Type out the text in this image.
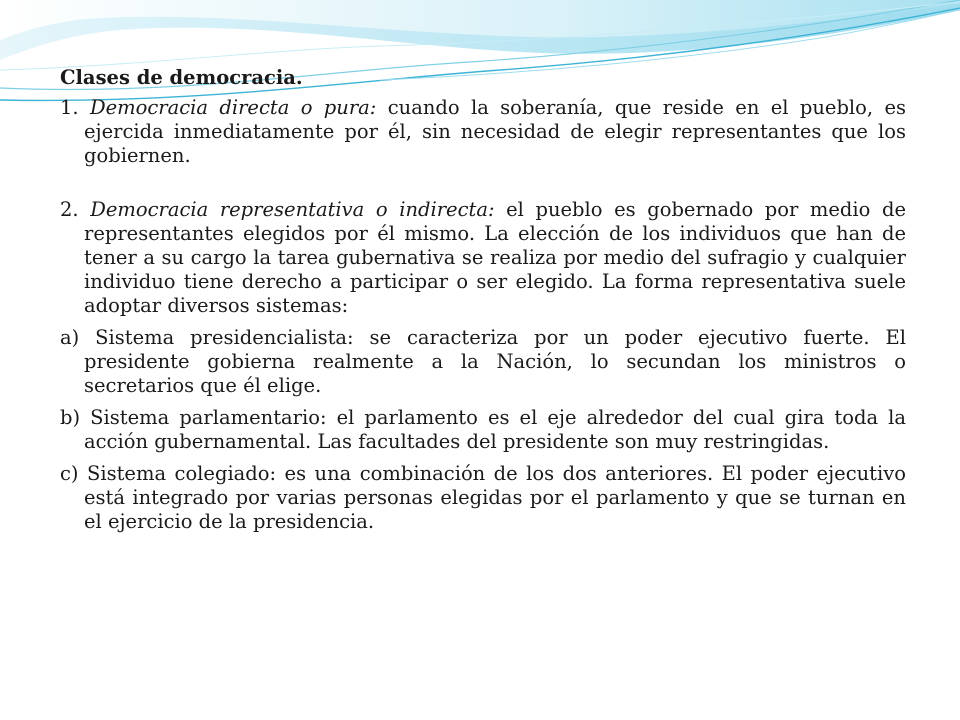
Clases de democracia.

1. Democracia directa o pura: cuando la soberanía, que reside en el pueblo, es ejercida inmediatamente por él, sin necesidad de elegir representantes que los gobiernen.

2. Democracia representativa o indirecta: el pueblo es gobernado por medio de representantes elegidos por él mismo. La elección de los individuos que han de tener a su cargo la tarea gubernativa se realiza por medio del sufragio y cualquier individuo tiene derecho a participar o ser elegido. La forma representativa suele adoptar diversos sistemas:

a) Sistema presidencialista: se caracteriza por un poder ejecutivo fuerte. El presidente gobierna realmente a la Nación, lo secundan los ministros o secretarios que él elige.

b) Sistema parlamentario: el parlamento es el eje alrededor del cual gira toda la acción gubernamental. Las facultades del presidente son muy restringidas.

c) Sistema colegiado: es una combinación de los dos anteriores. El poder ejecutivo está integrado por varias personas elegidas por el parlamento y que se turnan en el ejercicio de la presidencia.
